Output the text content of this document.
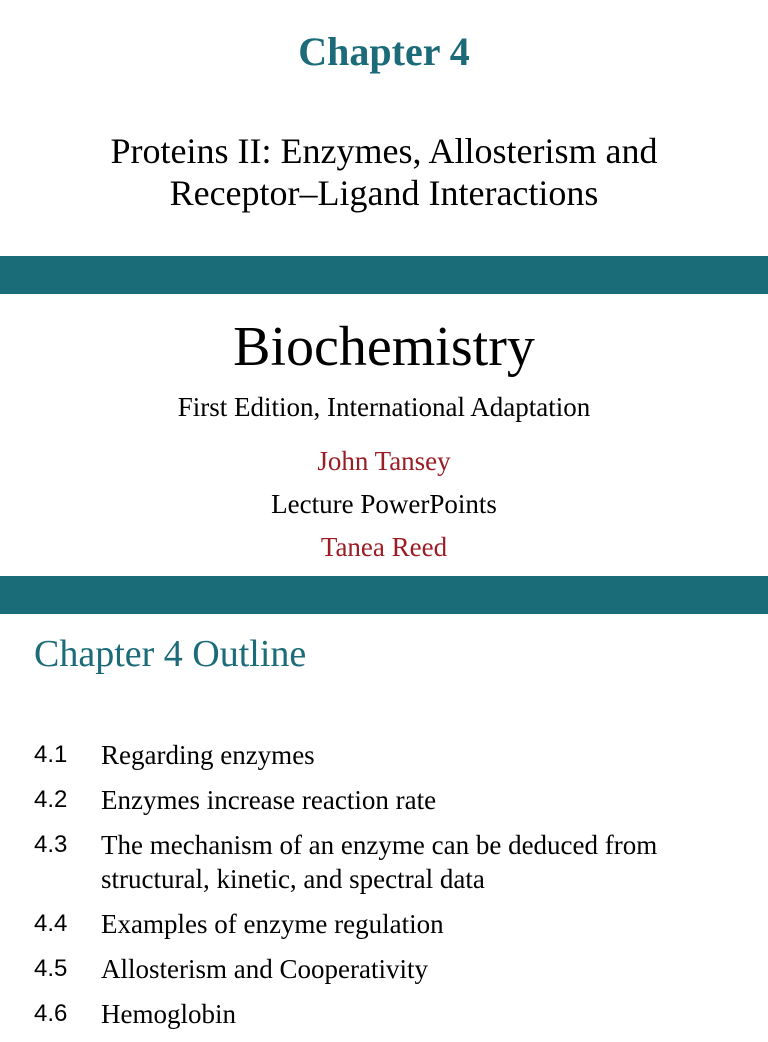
Chapter 4
Proteins II: Enzymes, Allosterism and
Receptor–Ligand Interactions
Biochemistry
First Edition, International Adaptation
John Tansey
Lecture PowerPoints
Tanea Reed
Chapter 4 Outline
4.1	Regarding enzymes
4.2	Enzymes increase reaction rate
4.3	The mechanism of an enzyme can be deduced from structural, kinetic, and spectral data
4.4	Examples of enzyme regulation
4.5	Allosterism and Cooperativity
4.6	Hemoglobin
